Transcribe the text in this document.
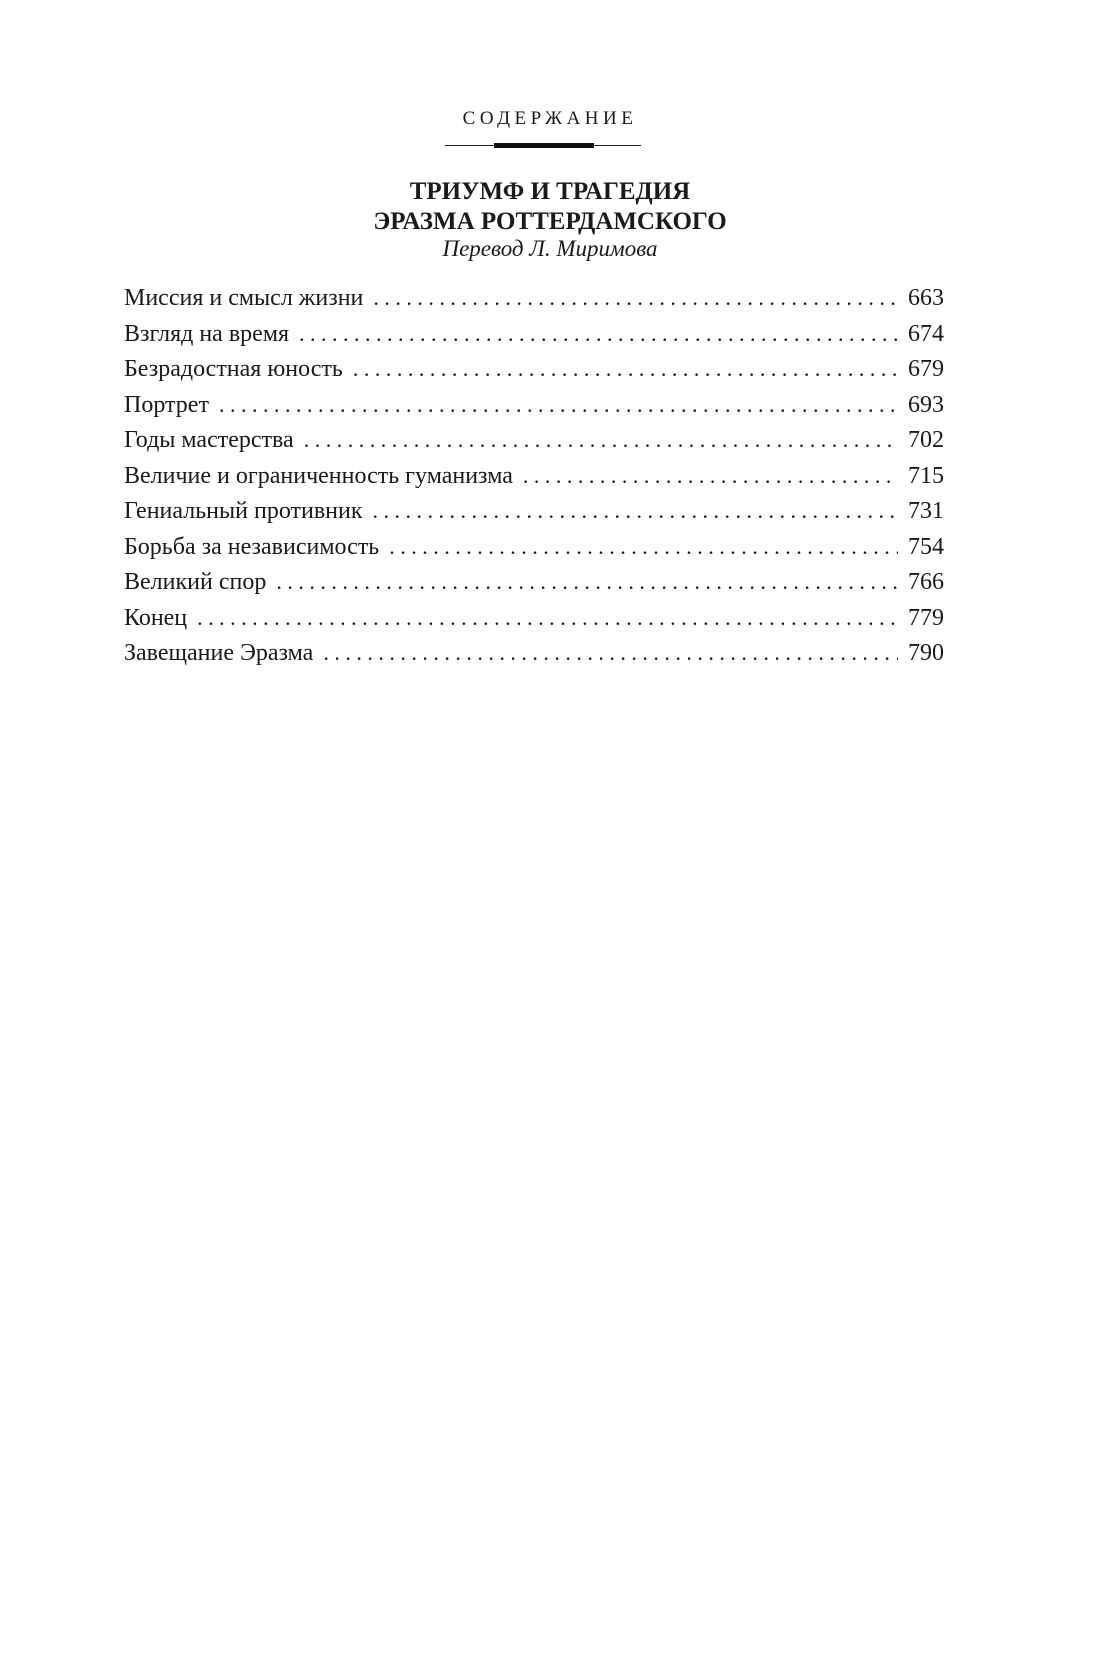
СОДЕРЖАНИЕ
ТРИУМФ И ТРАГЕДИЯ
ЭРАЗМА РОТТЕРДАМСКОГО
Перевод Л. Миримова
Миссия и смысл жизни . . .	663
Взгляд на время . . .	674
Безрадостная юность . . .	679
Портрет . . .	693
Годы мастерства . . .	702
Величие и ограниченность гуманизма . . .	715
Гениальный противник . . .	731
Борьба за независимость . . .	754
Великий спор . . .	766
Конец . . .	779
Завещание Эразма . . .	790
